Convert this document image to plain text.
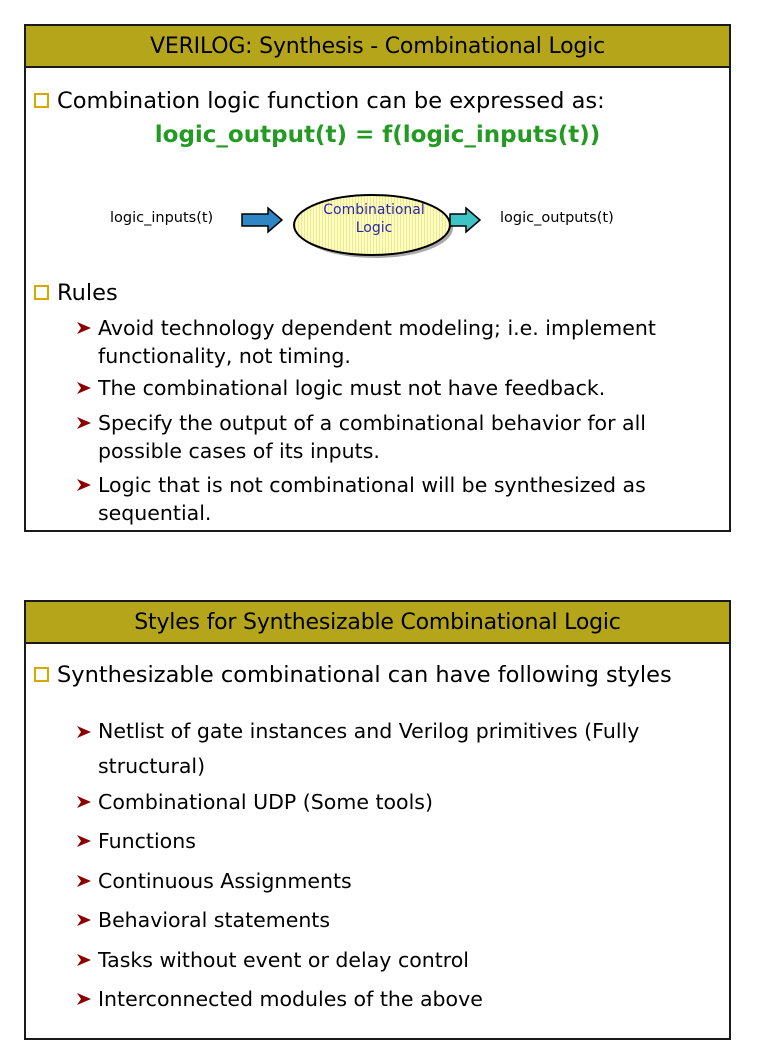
VERILOG: Synthesis - Combinational Logic
Combination logic function can be expressed as:
logic_output(t) = f(logic_inputs(t))
logic_inputs(t)	logic_outputs(t)
Combinational
Logic
Rules
Avoid technology dependent modeling; i.e. implement
functionality, not timing.
The combinational logic must not have feedback.
Specify the output of a combinational behavior for all
possible cases of its inputs.
Logic that is not combinational will be synthesized as
sequential.
Styles for Synthesizable Combinational Logic
Synthesizable combinational can have following styles
Netlist of gate instances and Verilog primitives (Fully
structural)
Combinational UDP (Some tools)
Functions
Continuous Assignments
Behavioral statements
Tasks without event or delay control
Interconnected modules of the above
